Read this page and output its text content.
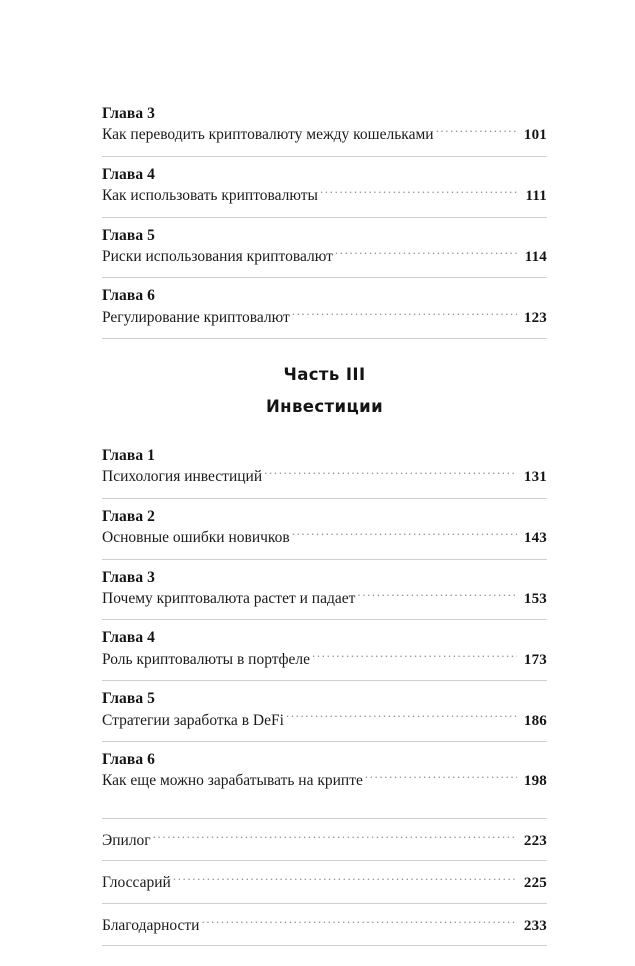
Глава 3
Как переводить криптовалюту между кошельками .....	101
Глава 4
Как использовать криптовалюты .....	111
Глава 5
Риски использования криптовалют .....	114
Глава 6
Регулирование криптовалют .....	123
Часть III
Инвестиции
Глава 1
Психология инвестиций .....	131
Глава 2
Основные ошибки новичков .....	143
Глава 3
Почему криптовалюта растет и падает .....	153
Глава 4
Роль криптовалюты в портфеле .....	173
Глава 5
Стратегии заработка в DeFi .....	186
Глава 6
Как еще можно зарабатывать на крипте .....	198
Эпилог .....	223
Глоссарий .....	225
Благодарности .....	233
